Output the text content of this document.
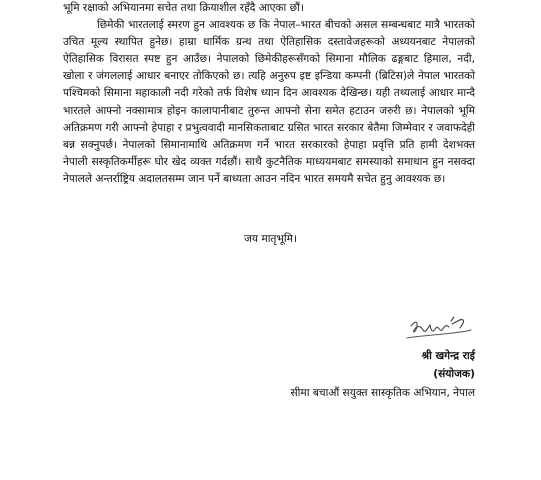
भूमि रक्षाको अभियानमा सचेत तथा क्रियाशील रहँदै आएका छौं।

छिमेकी भारतलाई स्मरण हुन आवश्यक छ कि नेपाल–भारत बीचको असल सम्बन्धबाट मात्रै भारतको उचित मूल्य स्थापित हुनेछ। हाम्रा धार्मिक ग्रन्थ तथा ऐतिहासिक दस्तावेजहरूको अध्ययनबाट नेपालको ऐतिहासिक विरासत स्पष्ट हुन आउँछ। नेपालको छिमेकीहरूसँगको सिमाना मौलिक ढङ्गबाट हिमाल, नदी, खोला र जंगललाई आधार बनाएर तोकिएको छ। त्यहि अनुरुप इष्ट इन्डिया कम्पनी (ब्रिटिस)ले नेपाल भारतको पश्चिमको सिमाना महाकाली नदी गरेको तर्फ विशेष ध्यान दिन आवश्यक देखिन्छ। यही तथ्यलाई आधार मान्दै भारतले आफ्नो नक्सामात्र होइन कालापानीबाट तुरुन्त आफ्नो सेना समेत हटाउन जरुरी छ। नेपालको भूमि अतिक्रमण गरी आफ्नो हेपाहा र प्रभुत्ववादी मानसिकताबाट ग्रसित भारत सरकार बेतैमा जिम्मेवार र जवाफदेही बन्न सक्नुपर्छ। नेपालको सिमानामाथि अतिक्रमण गर्ने भारत सरकारको हेपाहा प्रवृत्ति प्रति हामी देशभक्त नेपाली सस्कृतिकर्मीहरू घोर खेद व्यक्त गर्दछौं। साथै कुटनैतिक माध्ययमबाट समस्याको समाधान हुन नसक्दा नेपालले अन्तर्राष्ट्रिय अदालतसम्म जान पर्ने बाध्यता आउन नदिन भारत समयमै सचेत हुनु आवश्यक छ।

जय मातृभूमि।
श्री खगेन्द्र राई
(संयोजक)
सीमा बचाऔं सयुक्त सास्कृतिक अभियान, नेपाल
